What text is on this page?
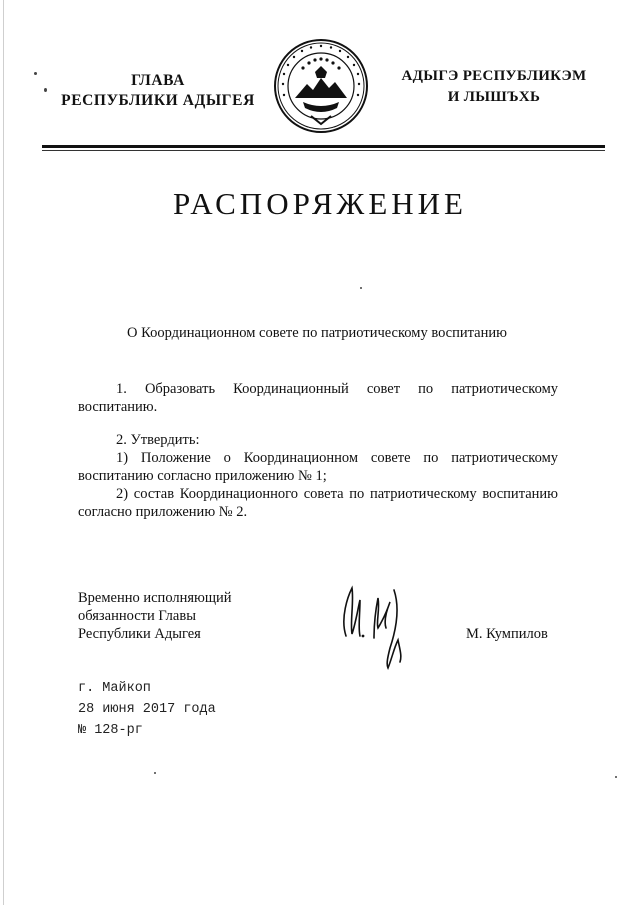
ГЛАВА
РЕСПУБЛИКИ АДЫГЕЯ
АДЫГЭ РЕСПУБЛИКЭМ
И ЛЫШЪХЬ
РАСПОРЯЖЕНИЕ
О Координационном совете по патриотическому воспитанию
1. Образовать Координационный совет по патриотическому воспитанию.
2. Утвердить:
1) Положение о Координационном совете по патриотическому воспитанию согласно приложению № 1;
2) состав Координационного совета по патриотическому воспитанию согласно приложению № 2.
Временно исполняющий
обязанности Главы
Республики Адыгея	М. Кумпилов
г. Майкоп
28 июня 2017 года
№ 128-рг
